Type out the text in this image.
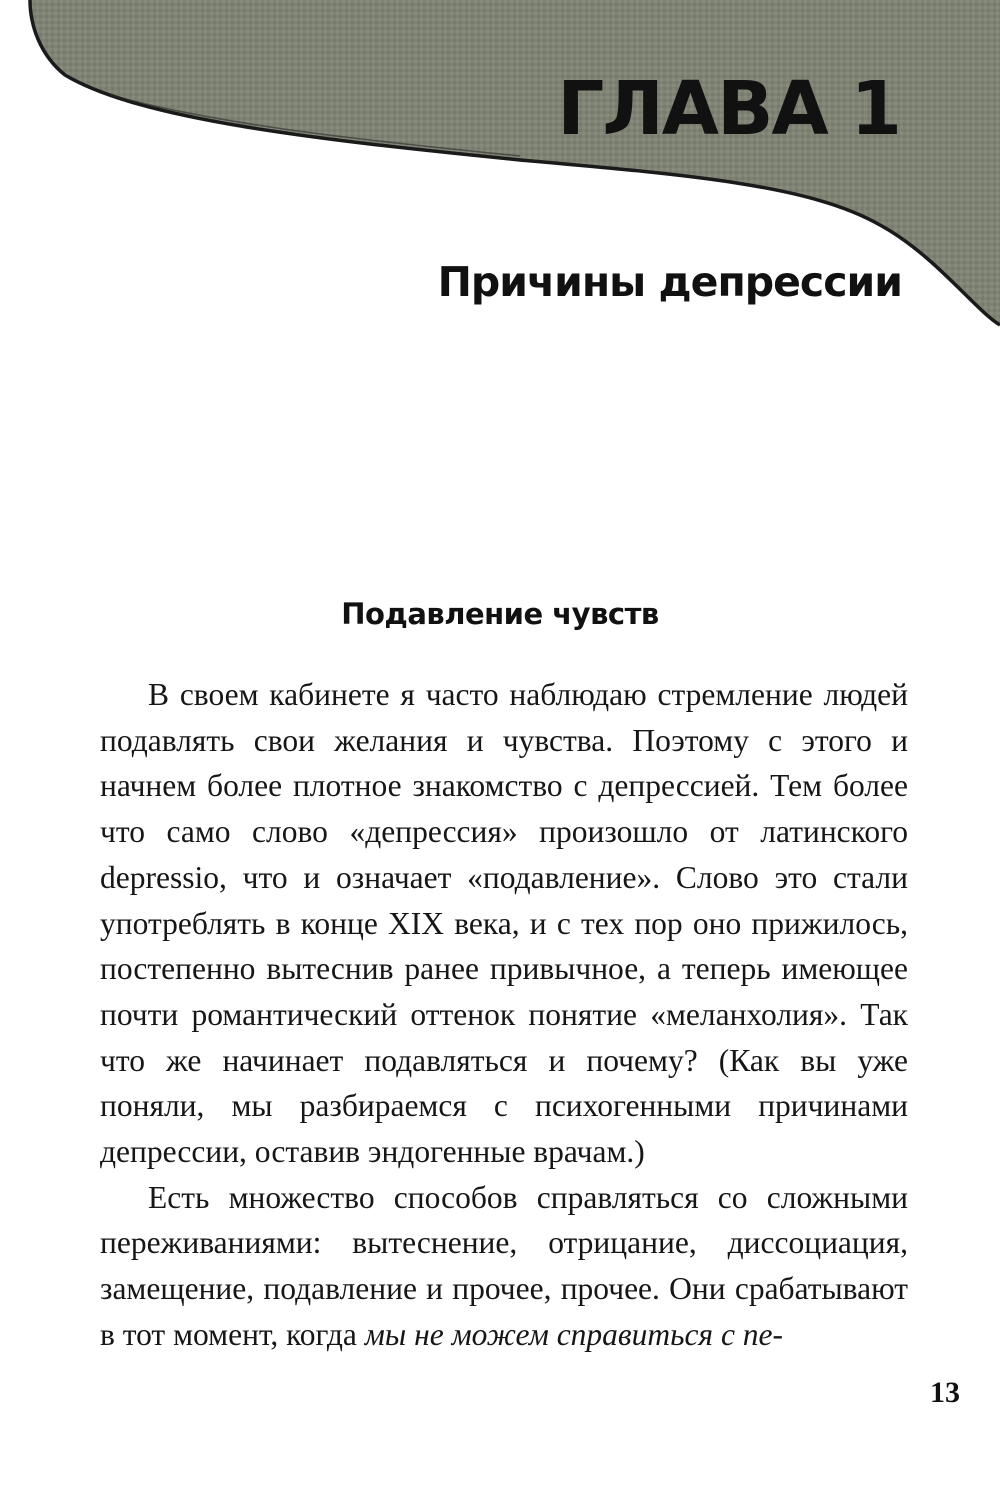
ГЛАВА 1
Причины депрессии
Подавление чувств

В своем кабинете я часто наблюдаю стремление людей подавлять свои желания и чувства. Поэтому с этого и начнем более плотное знакомство с депрессией. Тем более что само слово «депрессия» произошло от латинского depressio, что и означает «подавление». Слово это стали употреблять в конце XIX века, и с тех пор оно прижилось, постепенно вытеснив ранее привычное, а теперь имеющее почти романтический оттенок понятие «меланхолия». Так что же начинает подавляться и почему? (Как вы уже поняли, мы разбираемся с психогенными причинами депрессии, оставив эндогенные врачам.)

Есть множество способов справляться со сложными переживаниями: вытеснение, отрицание, диссоциация, замещение, подавление и прочее, прочее. Они срабатывают в тот момент, когда мы не можем справиться с пе-

13
